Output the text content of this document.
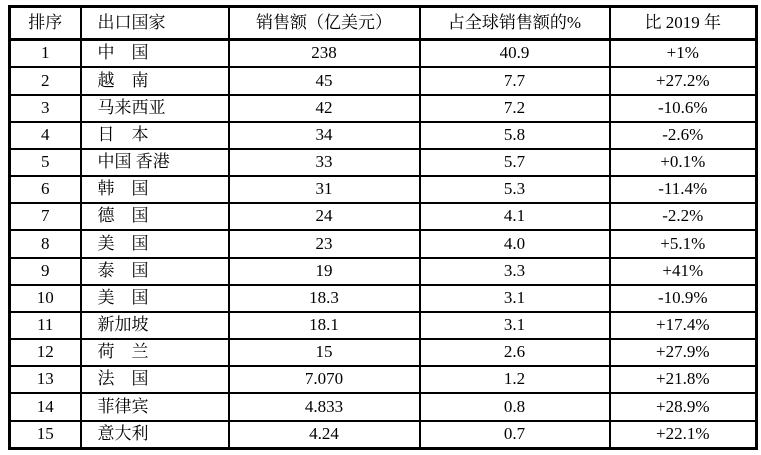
排序	出口国家	销售额（亿美元）	占全球销售额的%	比 2019 年
1	中　国	238	40.9	+1%
2	越　南	45	7.7	+27.2%
3	马来西亚	42	7.2	-10.6%
4	日　本	34	5.8	-2.6%
5	中国 香港	33	5.7	+0.1%
6	韩　国	31	5.3	-11.4%
7	德　国	24	4.1	-2.2%
8	美　国	23	4.0	+5.1%
9	泰　国	19	3.3	+41%
10	美　国	18.3	3.1	-10.9%
11	新加坡	18.1	3.1	+17.4%
12	荷　兰	15	2.6	+27.9%
13	法　国	7.070	1.2	+21.8%
14	菲律宾	4.833	0.8	+28.9%
15	意大利	4.24	0.7	+22.1%
